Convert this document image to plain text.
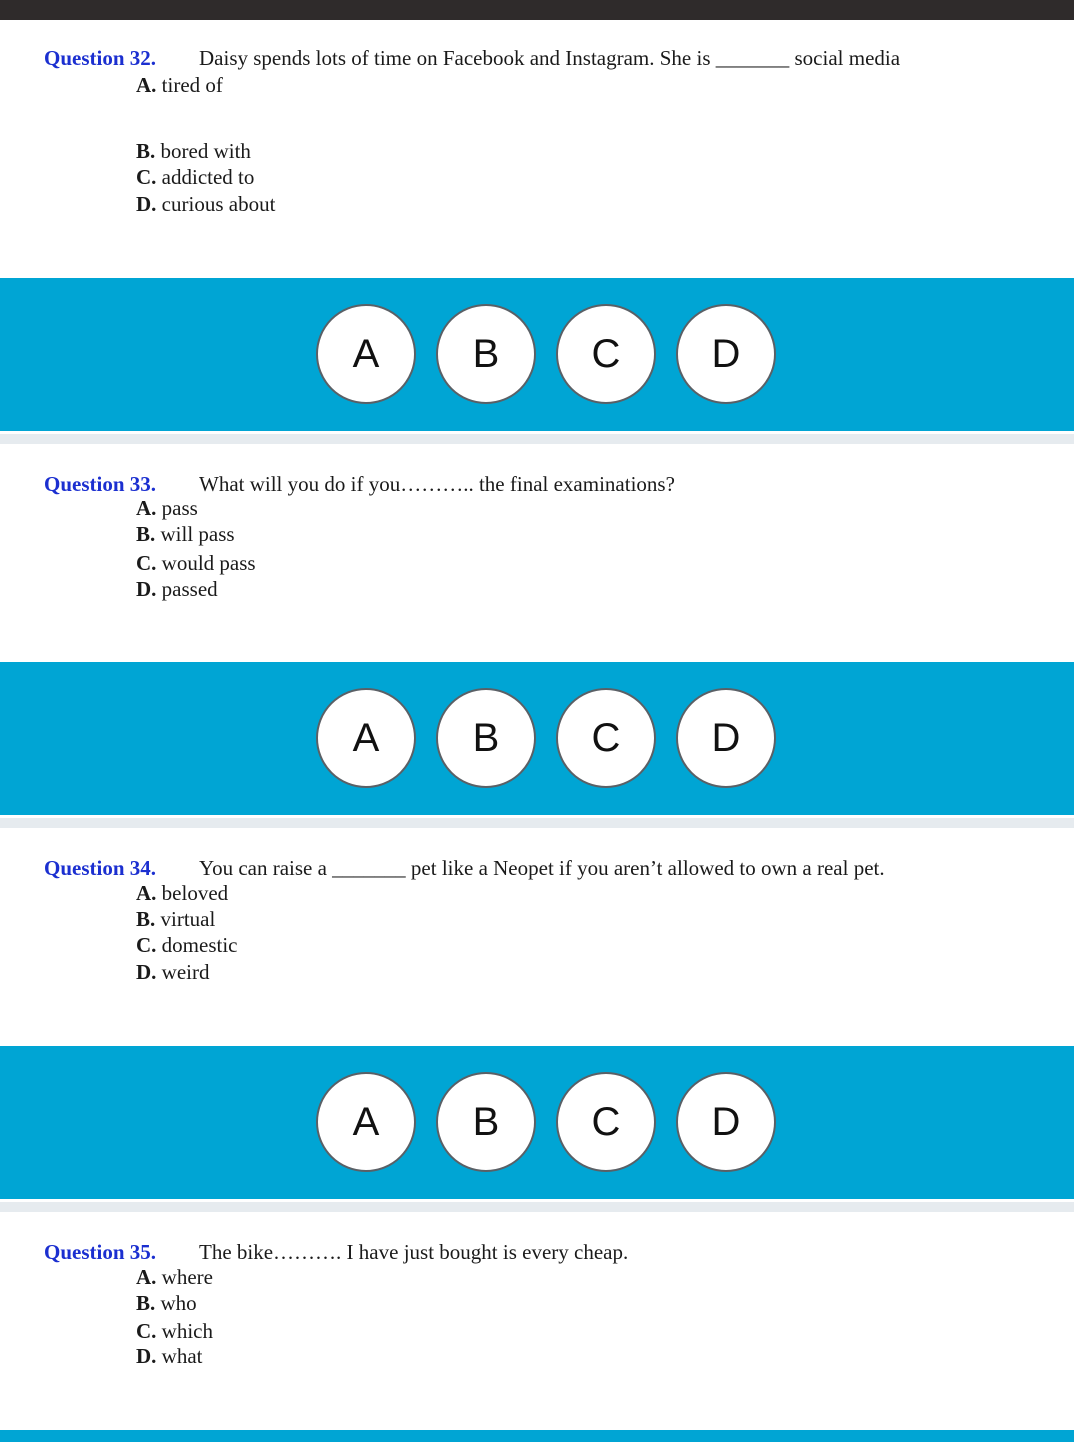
Question 32. Daisy spends lots of time on Facebook and Instagram. She is _______ social media
A. tired of
B. bored with
C. addicted to
D. curious about
A	B	C	D
Question 33. What will you do if you……….. the final examinations?
A. pass
B. will pass
C. would pass
D. passed
A	B	C	D
Question 34. You can raise a _______ pet like a Neopet if you aren’t allowed to own a real pet.
A. beloved
B. virtual
C. domestic
D. weird
A	B	C	D
Question 35. The bike………. I have just bought is every cheap.
A. where
B. who
C. which
D. what
